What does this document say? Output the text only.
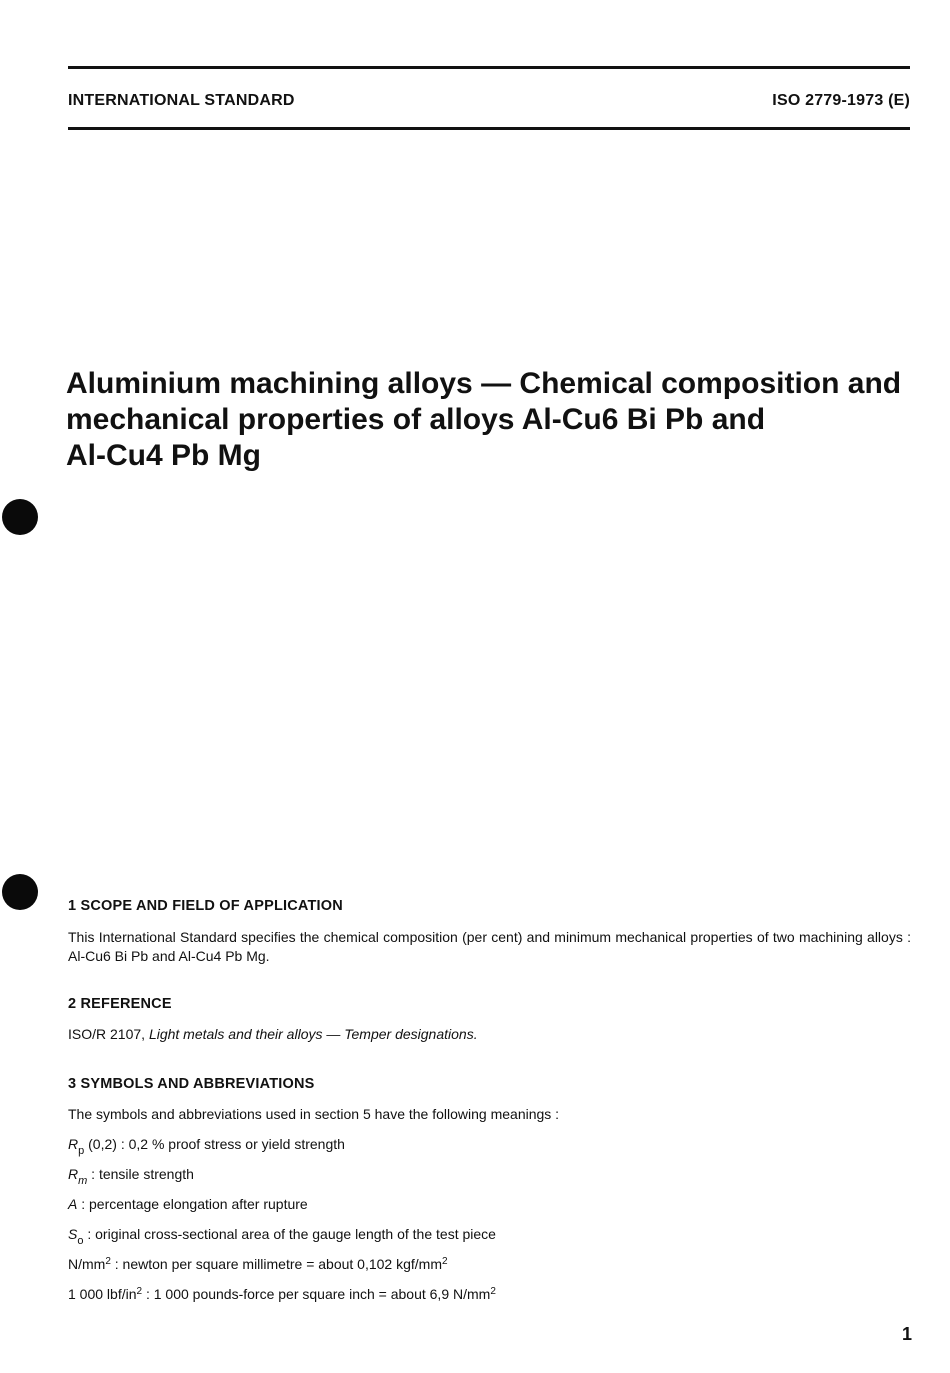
INTERNATIONAL STANDARD	ISO 2779-1973 (E)
Aluminium machining alloys — Chemical composition and
mechanical properties of alloys Al-Cu6 Bi Pb and
Al-Cu4 Pb Mg
1 SCOPE AND FIELD OF APPLICATION
This International Standard specifies the chemical composition (per cent) and minimum mechanical properties of two machining alloys : Al-Cu6 Bi Pb and Al-Cu4 Pb Mg.
2 REFERENCE
ISO/R 2107, Light metals and their alloys — Temper designations.
3 SYMBOLS AND ABBREVIATIONS
The symbols and abbreviations used in section 5 have the following meanings :
$R_p$ (0,2) : 0,2 % proof stress or yield strength
$R_m$ : tensile strength
A : percentage elongation after rupture
$S_o$ : original cross-sectional area of the gauge length of the test piece
$N/mm^2$ : newton per square millimetre = about 0,102 kgf/$mm^2$
1 000 lbf/$in^2$ : 1 000 pounds-force per square inch = about 6,9 $N/mm^2$
1
